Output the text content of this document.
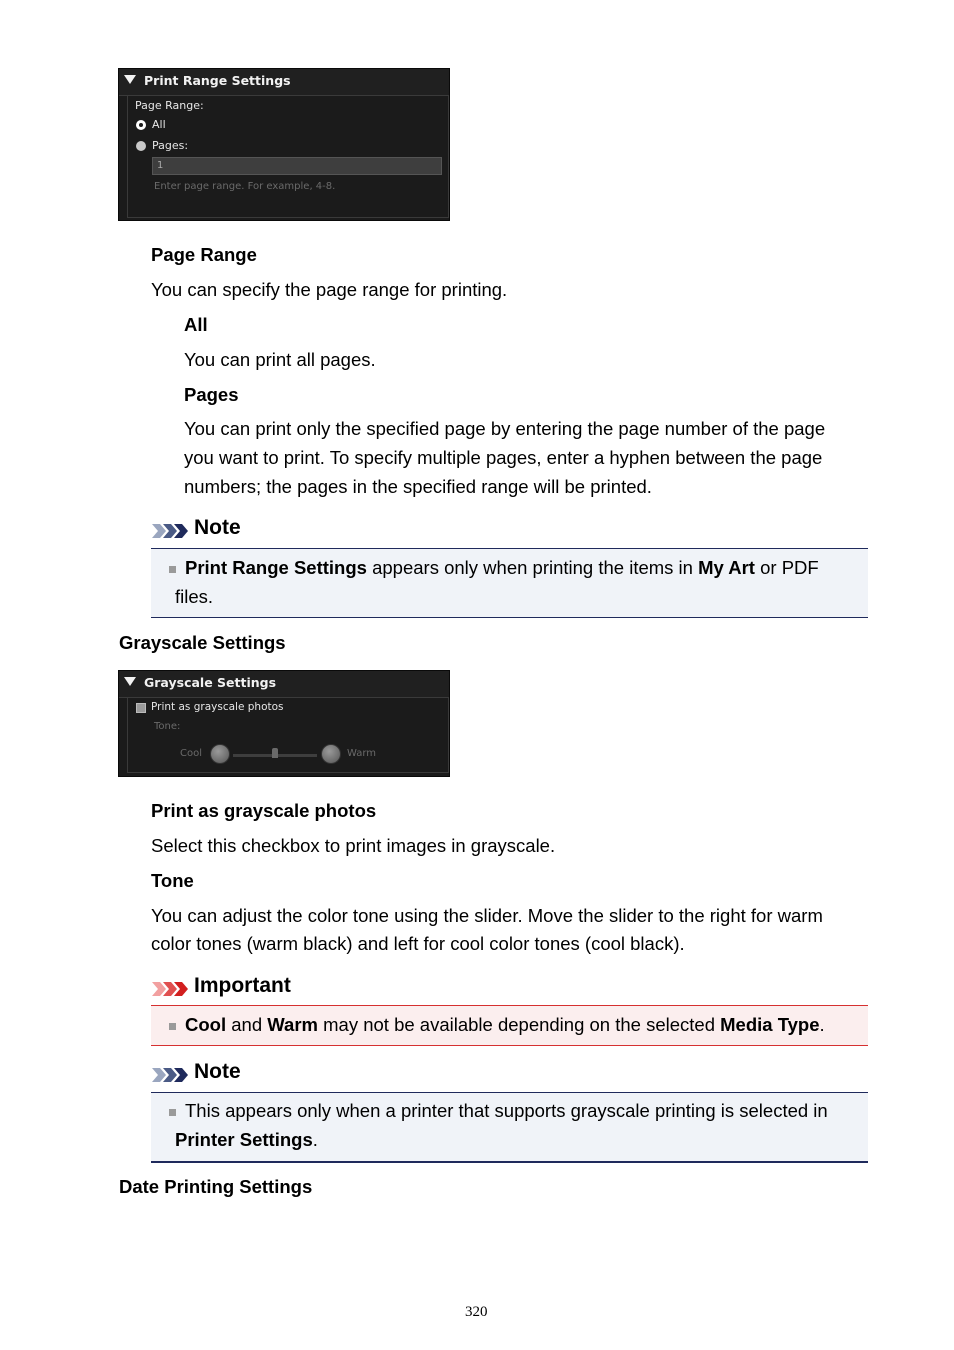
Print Range Settings
Page Range:
All
Pages:
1
Enter page range. For example, 4-8.
Page Range
You can specify the page range for printing.
All
You can print all pages.
Pages
You can print only the specified page by entering the page number of the page
you want to print. To specify multiple pages, enter a hyphen between the page
numbers; the pages in the specified range will be printed.
Note
Print Range Settings appears only when printing the items in My Art or PDF
files.
Grayscale Settings
Grayscale Settings
Print as grayscale photos
Tone:
Cool	Warm
Print as grayscale photos
Select this checkbox to print images in grayscale.
Tone
You can adjust the color tone using the slider. Move the slider to the right for warm
color tones (warm black) and left for cool color tones (cool black).
Important
Cool and Warm may not be available depending on the selected Media Type.
Note
This appears only when a printer that supports grayscale printing is selected in
Printer Settings.
Date Printing Settings
320
